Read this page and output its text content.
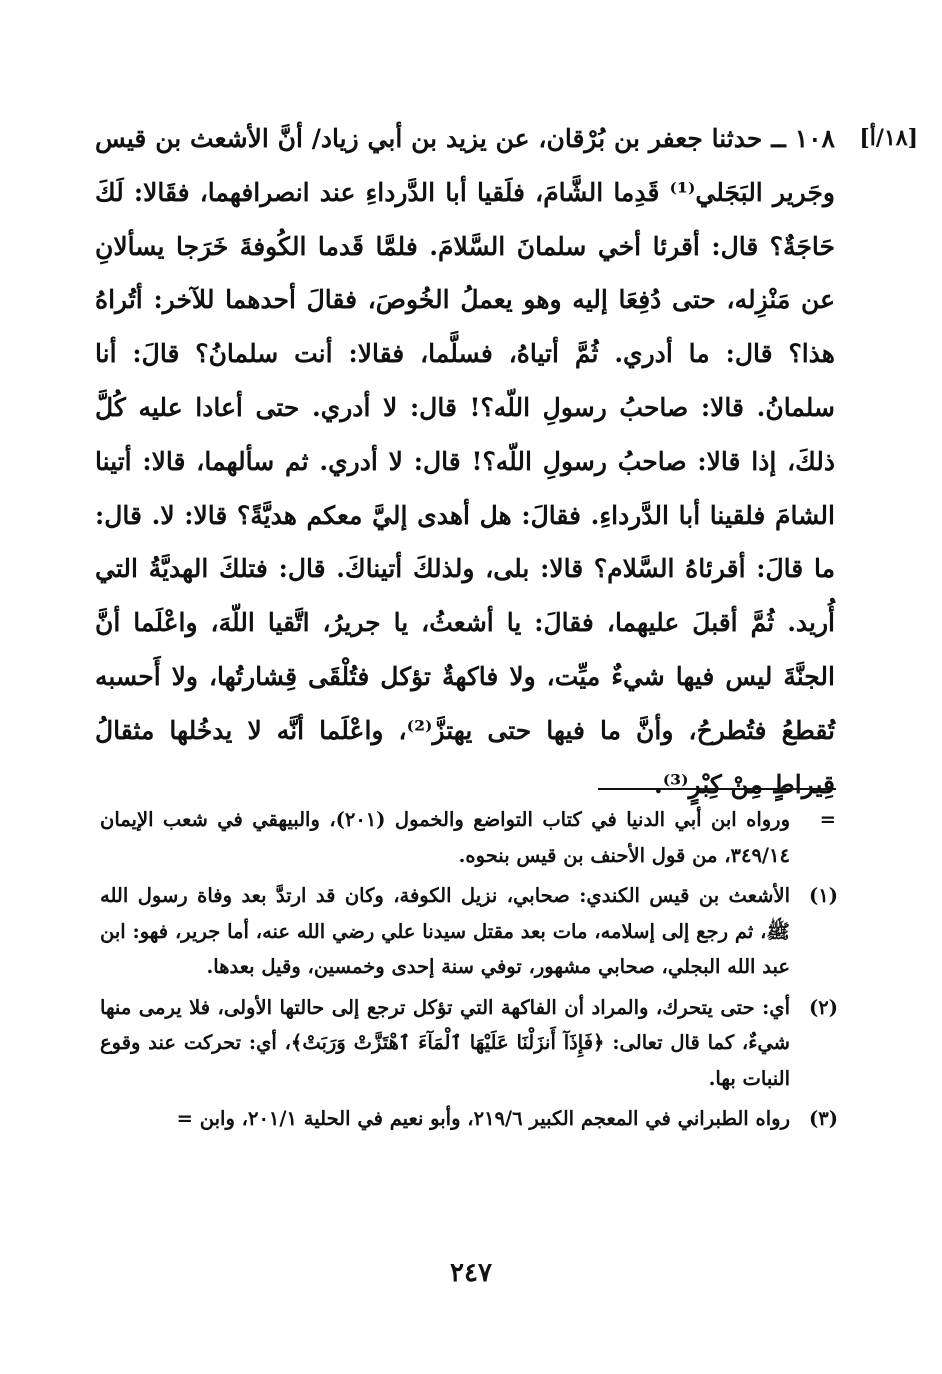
[١٨/أ]

١٠٨ ــ حدثنا جعفر بن بُرْقان، عن يزيد بن أبي زياد/ أنَّ الأشعث بن قيس وجَرير البَجَلي⁽¹⁾ قَدِما الشَّامَ، فلَقيا أبا الدَّرداءِ عند انصرافهما، فقَالا: لَكَ حَاجَةٌ؟ قال: أقرئا أخي سلمانَ السَّلامَ. فلمَّا قَدما الكُوفةَ خَرَجا يسألانِ عن مَنْزِله، حتى دُفِعَا إليه وهو يعملُ الخُوصَ، فقالَ أحدهما للآخر: أتُراهُ هذا؟ قال: ما أدري. ثُمَّ أتياهُ، فسلَّما، فقالا: أنت سلمانُ؟ قالَ: أنا سلمانُ. قالا: صاحبُ رسولِ اللّه؟! قال: لا أدري. حتى أعادا عليه كُلَّ ذلكَ، إذا قالا: صاحبُ رسولِ اللّه؟! قال: لا أدري. ثم سألهما، قالا: أتينا الشامَ فلقينا أبا الدَّرداءِ. فقالَ: هل أهدى إليَّ معكم هديَّةً؟ قالا: لا. قال: ما قالَ: أقرئاهُ السَّلام؟ قالا: بلى، ولذلكَ أتيناكَ. قال: فتلكَ الهديَّةُ التي أُريد. ثُمَّ أقبلَ عليهما، فقالَ: يا أشعثُ، يا جريرُ، اتَّقيا اللّهَ، واعْلَما أنَّ الجنَّةَ ليس فيها شيءٌ ميِّت، ولا فاكهةٌ تؤكل فتُلْقَى قِشارتُها، ولا أَحسبه تُقطعُ فتُطرحُ، وأنَّ ما فيها حتى يهتزَّ⁽²⁾، واعْلَما أنَّه لا يدخُلها مثقالُ قِيراطٍ مِنْ كِبْرٍ⁽³⁾.

=
ورواه ابن أبي الدنيا في كتاب التواضع والخمول (٢٠١)، والبيهقي في شعب الإيمان ٣٤٩/١٤، من قول الأحنف بن قيس بنحوه.
(١)
الأشعث بن قيس الكندي: صحابي، نزيل الكوفة، وكان قد ارتدَّ بعد وفاة رسول الله ﷺ، ثم رجع إلى إسلامه، مات بعد مقتل سيدنا علي رضي الله عنه، أما جرير، فهو: ابن عبد الله البجلي، صحابي مشهور، توفي سنة إحدى وخمسين، وقيل بعدها.
(٢)
أي: حتى يتحرك، والمراد أن الفاكهة التي تؤكل ترجع إلى حالتها الأولى، فلا يرمى منها شيءٌ، كما قال تعالى: ﴿فَإِذَآ أَنزَلْنَا عَلَيْهَا ٱلْمَآءَ ٱهْتَزَّتْ وَرَبَتْ﴾، أي: تحركت عند وقوع النبات بها.
(٣)
رواه الطبراني في المعجم الكبير ٢١٩/٦، وأبو نعيم في الحلية ٢٠١/١، وابن =
٢٤٧
